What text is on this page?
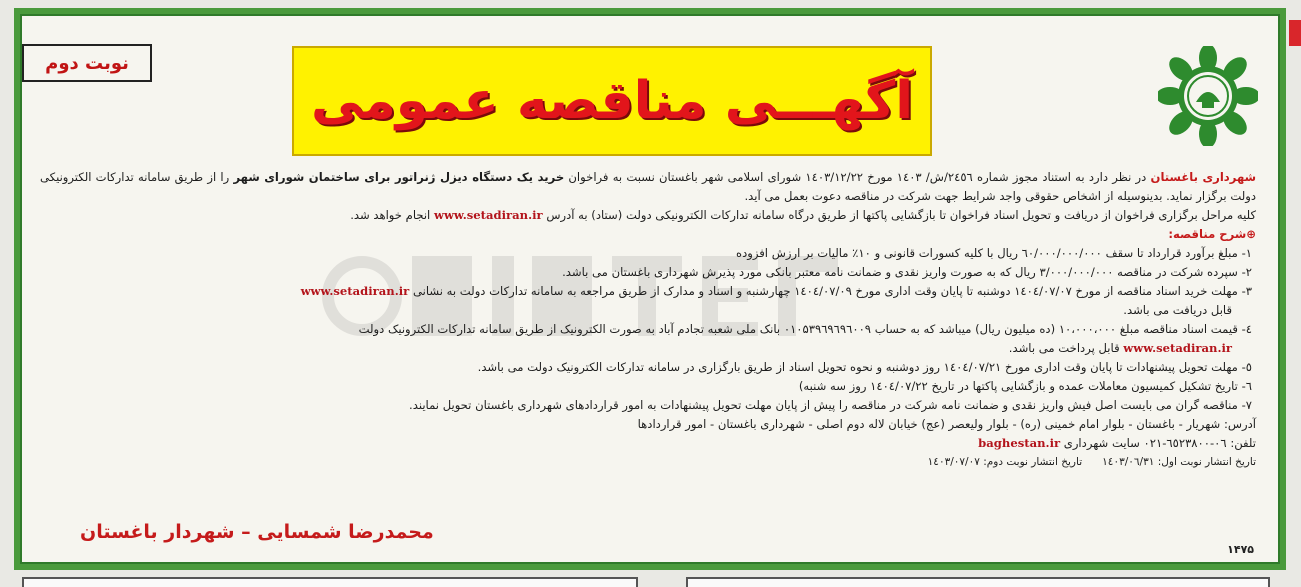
نوبت دوم
آگهـــی مناقصه عمومی

شهرداری باغستان در نظر دارد به استناد مجوز شماره ۲٤٥٦/ش/ ۱٤۰۳ مورخ ۱٤۰۳/۱۲/۲۲ شورای اسلامی شهر باغستان نسبت به فراخوان خرید یک دستگاه دیزل ژنراتور برای ساختمان شورای شهر را از طریق سامانه تدارکات الکترونیکی دولت برگزار نماید. بدینوسیله از اشخاص حقوقی واجد شرایط جهت شرکت در مناقصه دعوت بعمل می آید.

کلیه مراحل برگزاری فراخوان از دریافت و تحویل اسناد فراخوان تا بازگشایی پاکتها از طریق درگاه سامانه تدارکات الکترونیکی دولت (ستاد) به آدرس www.setadiran.ir انجام خواهد شد.

⊕شرح مناقصه:

۱- مبلغ برآورد قرارداد تا سقف ٦۰/۰۰۰/۰۰۰/۰۰۰ ریال با کلیه کسورات قانونی و ۱۰٪ مالیات بر ارزش افزوده

۲- سپرده شرکت در مناقصه ۳/۰۰۰/۰۰۰/۰۰۰ ریال که به صورت واریز نقدی و ضمانت نامه معتبر بانکی مورد پذیرش شهرداری باغستان می باشد.

۳- مهلت خرید اسناد مناقصه از مورخ ۱٤۰٤/۰۷/۰۷ دوشنبه تا پایان وقت اداری مورخ ۱٤۰٤/۰۷/۰۹ چهارشنبه و اسناد و مدارک از طریق مراجعه به سامانه تدارکات دولت به نشانی www.setadiran.ir

قابل دریافت می باشد.

٤- قیمت اسناد مناقصه مبلغ ۱۰،۰۰۰،۰۰۰ (ده میلیون ریال) میباشد که به حساب ۰۱۰۵۳۹٦۹٦٩٦۰۰۹ بانک ملی شعبه تجادم آباد به صورت الکترونیک از طریق سامانه تدارکات الکترونیک دولت

www.setadiran.ir قابل پرداخت می باشد.

٥- مهلت تحویل پیشنهادات تا پایان وقت اداری مورخ ۱٤۰٤/۰۷/۲۱ روز دوشنبه و نحوه تحویل اسناد از طریق بارگزاری در سامانه تدارکات الکترونیک دولت می باشد.

٦- تاریخ تشکیل کمیسیون معاملات عمده و بازگشایی پاکتها در تاریخ ۱٤۰٤/۰۷/۲۲ روز سه شنبه)

۷- مناقصه گران می بایست اصل فیش واریز نقدی و ضمانت نامه شرکت در مناقصه را پیش از پایان مهلت تحویل پیشنهادات به امور قراردادهای شهرداری باغستان تحویل نمایند.

آدرس: شهریار - باغستان - بلوار امام خمینی (ره) - بلوار ولیعصر (عج) خیابان لاله دوم اصلی - شهرداری باغستان - امور قراردادها

تلفن: ۰٦-٦٥۲۳۸۰۰-۰۲۱ سایت شهرداری baghestan.ir

تاریخ انتشار نوبت اول: ۱٤۰۳/۰٦/۳۱      تاریخ انتشار نوبت دوم: ۱٤۰۳/۰۷/۰۷

محمدرضا شمسایی – شهردار باغستان
۱۴۷۵
